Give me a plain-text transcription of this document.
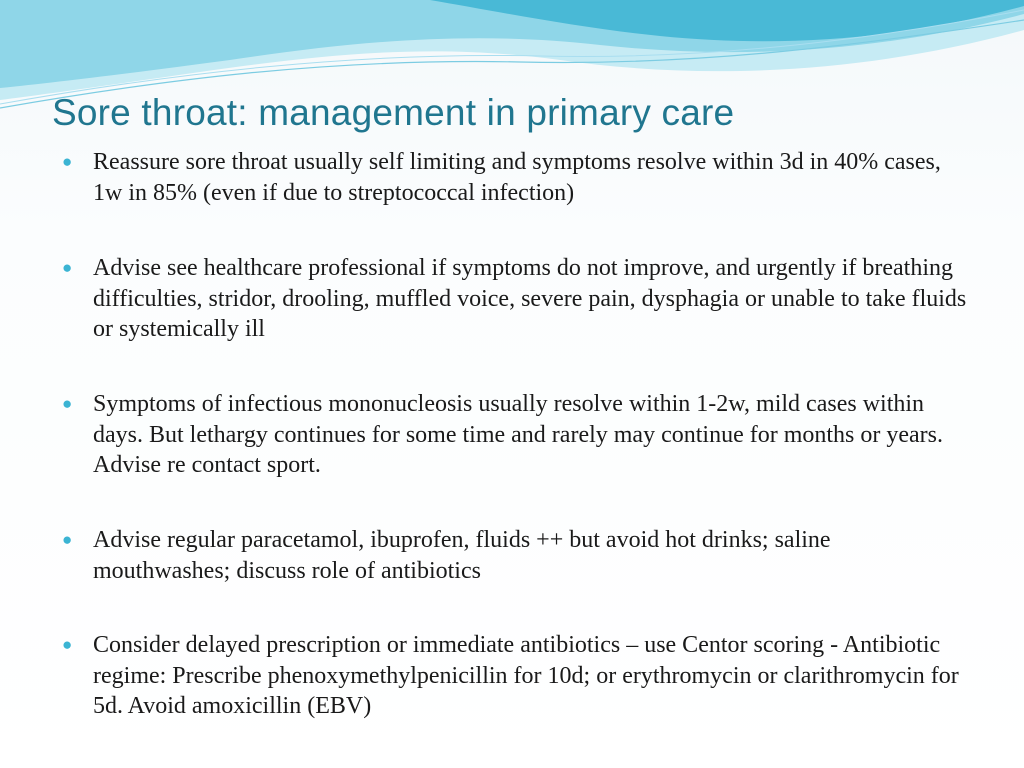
Sore throat: management in primary care
● Reassure sore throat usually self limiting and symptoms resolve within 3d in 40% cases, 1w in 85% (even if due to streptococcal infection)
● Advise see healthcare professional if symptoms do not improve, and urgently if breathing difficulties, stridor, drooling, muffled voice, severe pain, dysphagia or unable to take fluids or systemically ill
● Symptoms of infectious mononucleosis usually resolve within 1-2w, mild cases within days. But lethargy continues for some time and rarely may continue for months or years. Advise re contact sport.
● Advise regular paracetamol, ibuprofen, fluids ++ but avoid hot drinks; saline mouthwashes; discuss role of antibiotics
● Consider delayed prescription or immediate antibiotics – use Centor scoring - Antibiotic regime: Prescribe phenoxymethylpenicillin for 10d; or erythromycin or clarithromycin for 5d. Avoid amoxicillin (EBV)
